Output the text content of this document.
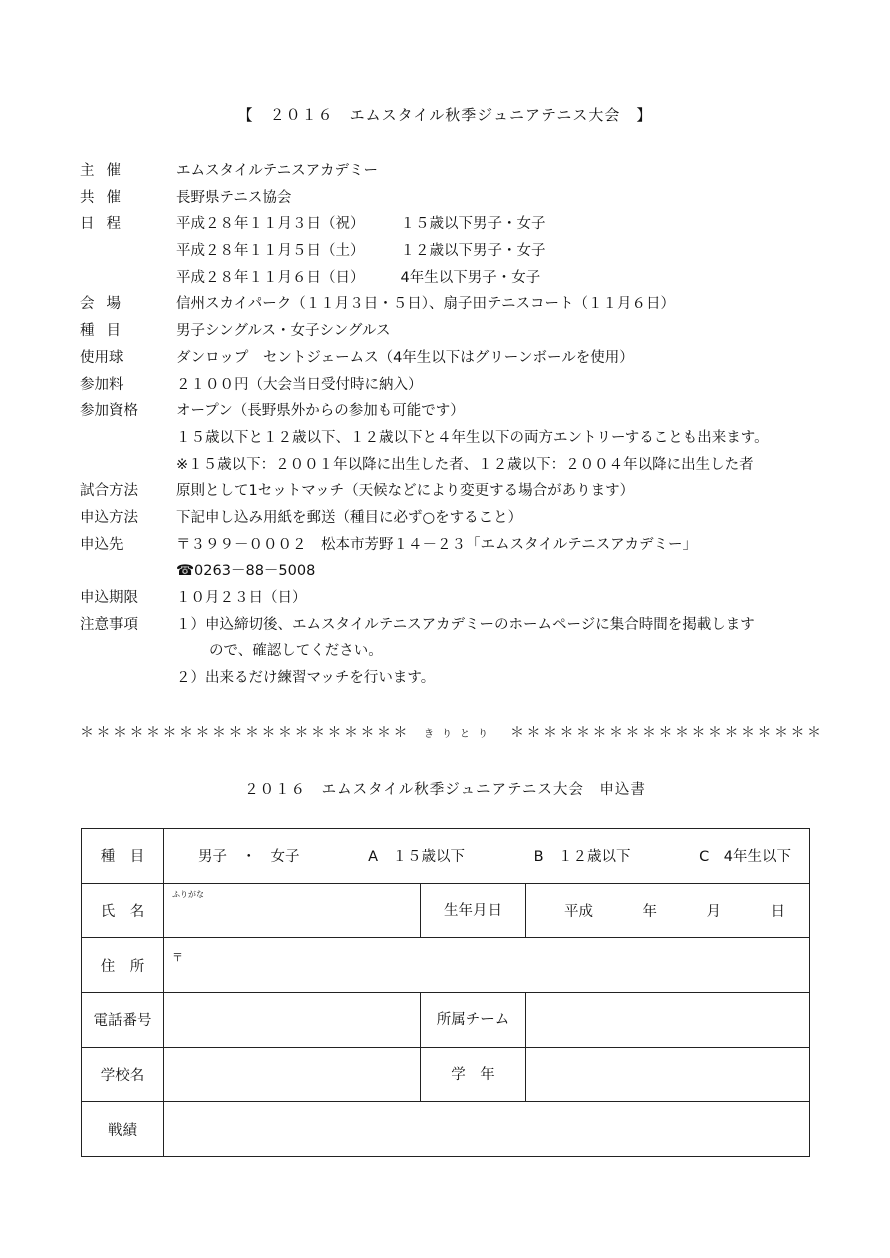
【　２０１６　エムスタイル秋季ジュニアテニス大会　】
主催	エムスタイルテニスアカデミー
共催	長野県テニス協会
日程	平成２８年１１月３日（祝） １５歳以下男子・女子
平成２８年１１月５日（土） １２歳以下男子・女子
平成２８年１１月６日（日） 4年生以下男子・女子
会場	信州スカイパーク（１１月３日・５日）、扇子田テニスコート（１１月６日）
種目	男子シングルス・女子シングルス
使用球	ダンロップ　セントジェームス（4年生以下はグリーンボールを使用）
参加料	２１００円（大会当日受付時に納入）
参加資格	オープン（長野県外からの参加も可能です）
１５歳以下と１２歳以下、１２歳以下と４年生以下の両方エントリーすることも出来ます。
※１５歳以下：２００１年以降に出生した者、１２歳以下：２００４年以降に出生した者
試合方法	原則として1セットマッチ（天候などにより変更する場合があります）
申込方法	下記申し込み用紙を郵送（種目に必ず○をすること）
申込先	〒３９９－０００２　松本市芳野１４－２３「エムスタイルテニスアカデミー」
☎0263－88－5008
申込期限	１０月２３日（日）
注意事項	１）申込締切後、エムスタイルテニスアカデミーのホームページに集合時間を掲載します
ので、確認してください。
２）出来るだけ練習マッチを行います。
＊＊＊＊＊＊＊＊＊＊＊＊＊＊＊＊＊＊＊＊ きりとり ＊＊＊＊＊＊＊＊＊＊＊＊＊＊＊＊＊＊＊
２０１６　エムスタイル秋季ジュニアテニス大会　申込書
種　目	男子　・　女子 A　１５歳以下 B　１２歳以下 C　4年生以下		

氏　名	ふりがな	生年月日	平成 年 月 日

住　所	〒
電話番号		所属チーム	
学校名		学　年	
戦績			
